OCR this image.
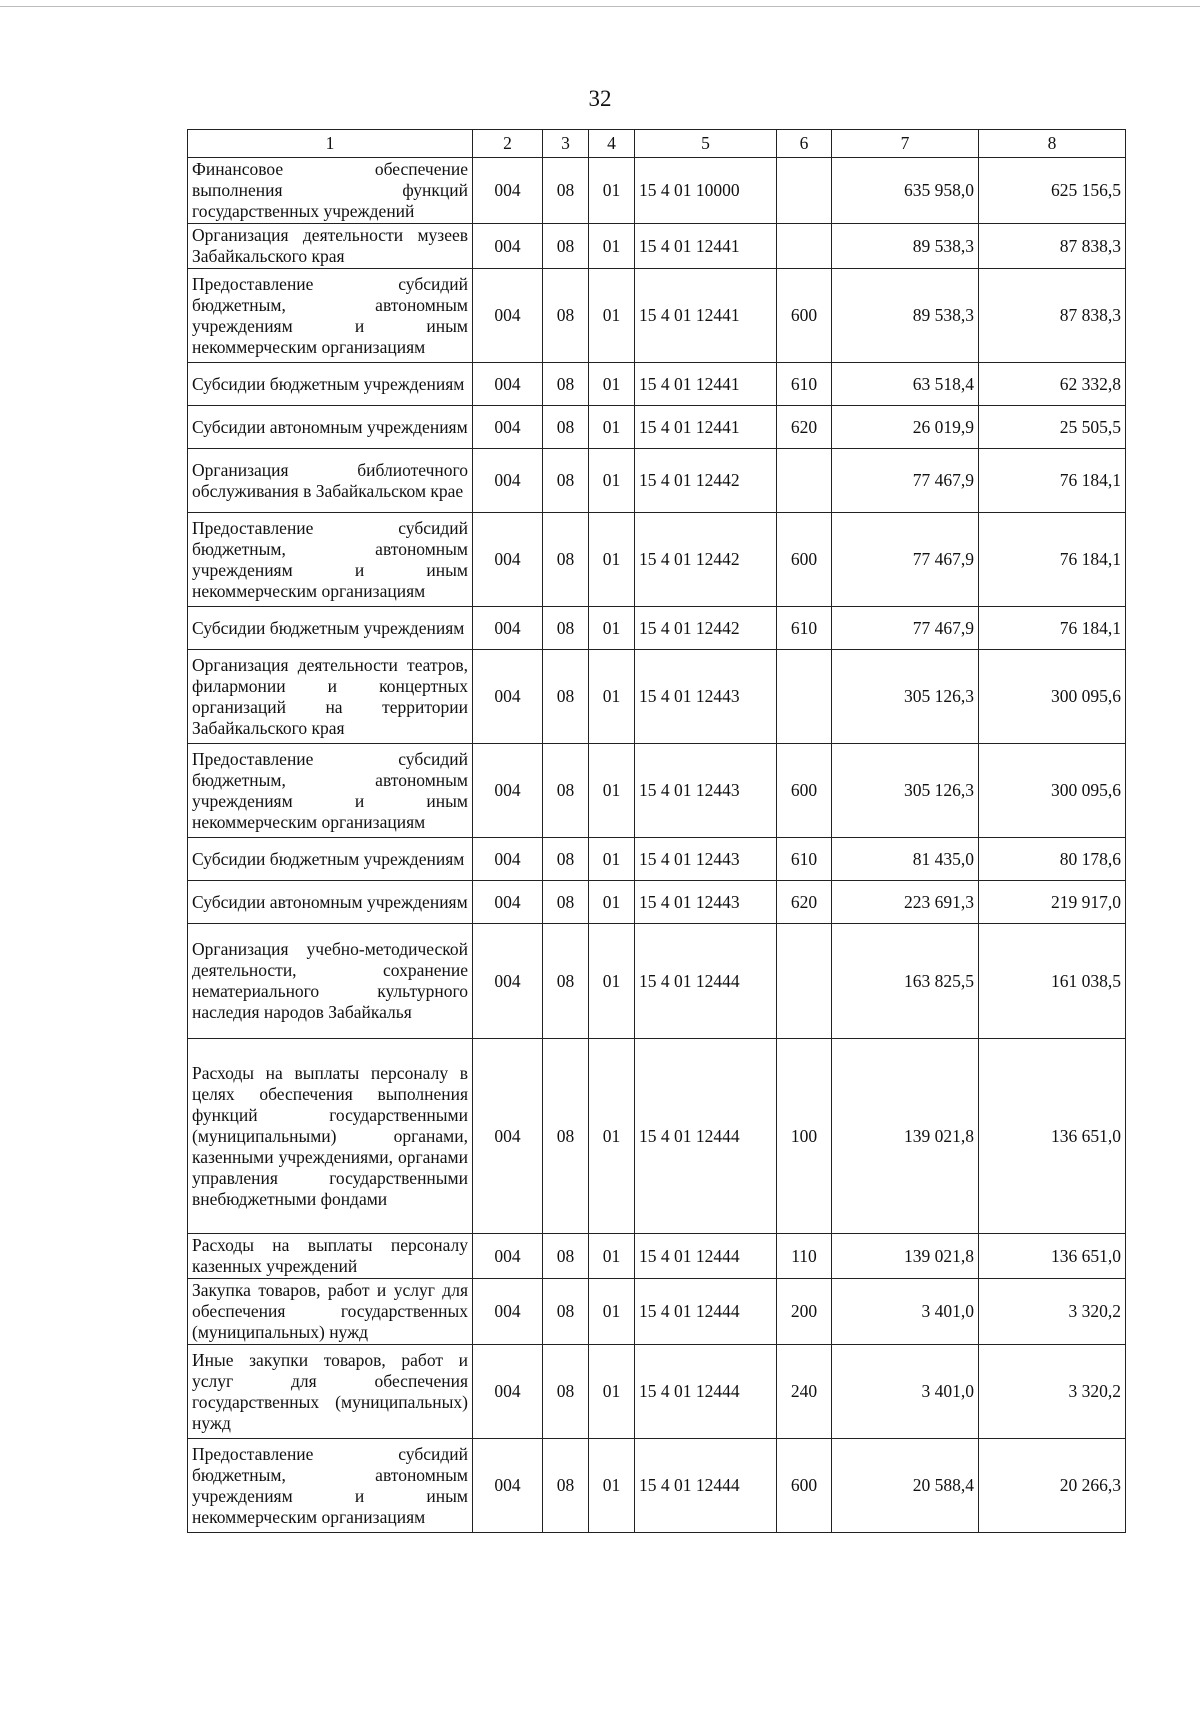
32
1	2	3	4	5	6	7	8
Финансовое обеспечение выполнения функций государственных учреждений	004	08	01	15 4 01 10000		635 958,0	625 156,5
Организация деятельности музеев Забайкальского края	004	08	01	15 4 01 12441		89 538,3	87 838,3
Предоставление субсидий бюджетным, автономным учреждениям и иным некоммерческим организациям	004	08	01	15 4 01 12441	600	89 538,3	87 838,3
Субсидии бюджетным учреждениям	004	08	01	15 4 01 12441	610	63 518,4	62 332,8
Субсидии автономным учреждениям	004	08	01	15 4 01 12441	620	26 019,9	25 505,5
Организация библиотечного обслуживания в Забайкальском крае	004	08	01	15 4 01 12442		77 467,9	76 184,1
Предоставление субсидий бюджетным, автономным учреждениям и иным некоммерческим организациям	004	08	01	15 4 01 12442	600	77 467,9	76 184,1
Субсидии бюджетным учреждениям	004	08	01	15 4 01 12442	610	77 467,9	76 184,1
Организация деятельности театров, филармонии и концертных организаций на территории Забайкальского края	004	08	01	15 4 01 12443		305 126,3	300 095,6
Предоставление субсидий бюджетным, автономным учреждениям и иным некоммерческим организациям	004	08	01	15 4 01 12443	600	305 126,3	300 095,6
Субсидии бюджетным учреждениям	004	08	01	15 4 01 12443	610	81 435,0	80 178,6
Субсидии автономным учреждениям	004	08	01	15 4 01 12443	620	223 691,3	219 917,0
Организация учебно-методической деятельности, сохранение нематериального культурного наследия народов Забайкалья	004	08	01	15 4 01 12444		163 825,5	161 038,5
Расходы на выплаты персоналу в целях обеспечения выполнения функций государственными (муниципальными) органами, казенными учреждениями, органами управления государственными внебюджетными фондами	004	08	01	15 4 01 12444	100	139 021,8	136 651,0
Расходы на выплаты персоналу казенных учреждений	004	08	01	15 4 01 12444	110	139 021,8	136 651,0
Закупка товаров, работ и услуг для обеспечения государственных (муниципальных) нужд	004	08	01	15 4 01 12444	200	3 401,0	3 320,2
Иные закупки товаров, работ и услуг для обеспечения государственных (муниципальных) нужд	004	08	01	15 4 01 12444	240	3 401,0	3 320,2
Предоставление субсидий бюджетным, автономным учреждениям и иным некоммерческим организациям	004	08	01	15 4 01 12444	600	20 588,4	20 266,3
